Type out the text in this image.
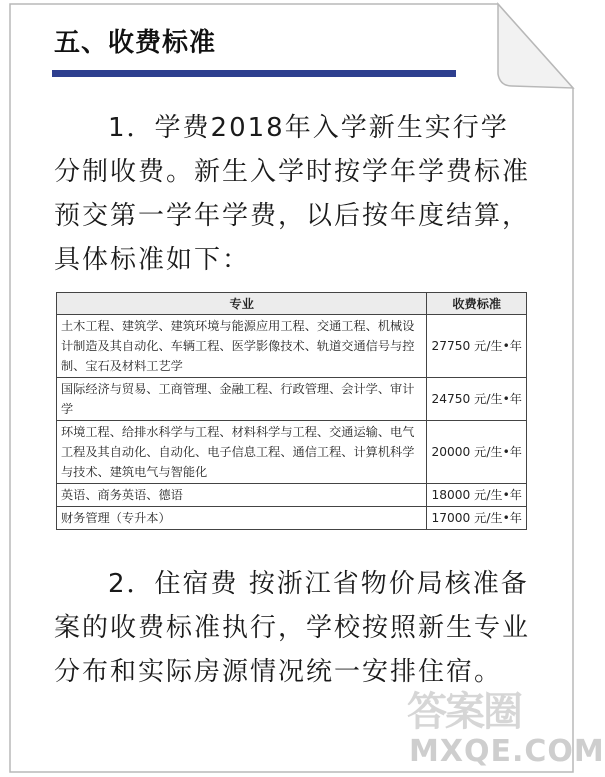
五、收费标准
1．学费2018年入学新生实行学分制收费。新生入学时按学年学费标准预交第一学年学费，以后按年度结算，具体标准如下：
专业	收费标准
土木工程、建筑学、建筑环境与能源应用工程、交通工程、机械设计制造及其自动化、车辆工程、医学影像技术、轨道交通信号与控制、宝石及材料工艺学	27750 元/生•年
国际经济与贸易、工商管理、金融工程、行政管理、会计学、审计学	24750 元/生•年
环境工程、给排水科学与工程、材料科学与工程、交通运输、电气工程及其自动化、自动化、电子信息工程、通信工程、计算机科学与技术、建筑电气与智能化	20000 元/生•年
英语、商务英语、德语	18000 元/生•年
财务管理（专升本）	17000 元/生•年
2．住宿费 按浙江省物价局核准备案的收费标准执行，学校按照新生专业分布和实际房源情况统一安排住宿。
答案圈
MXQE.COM
